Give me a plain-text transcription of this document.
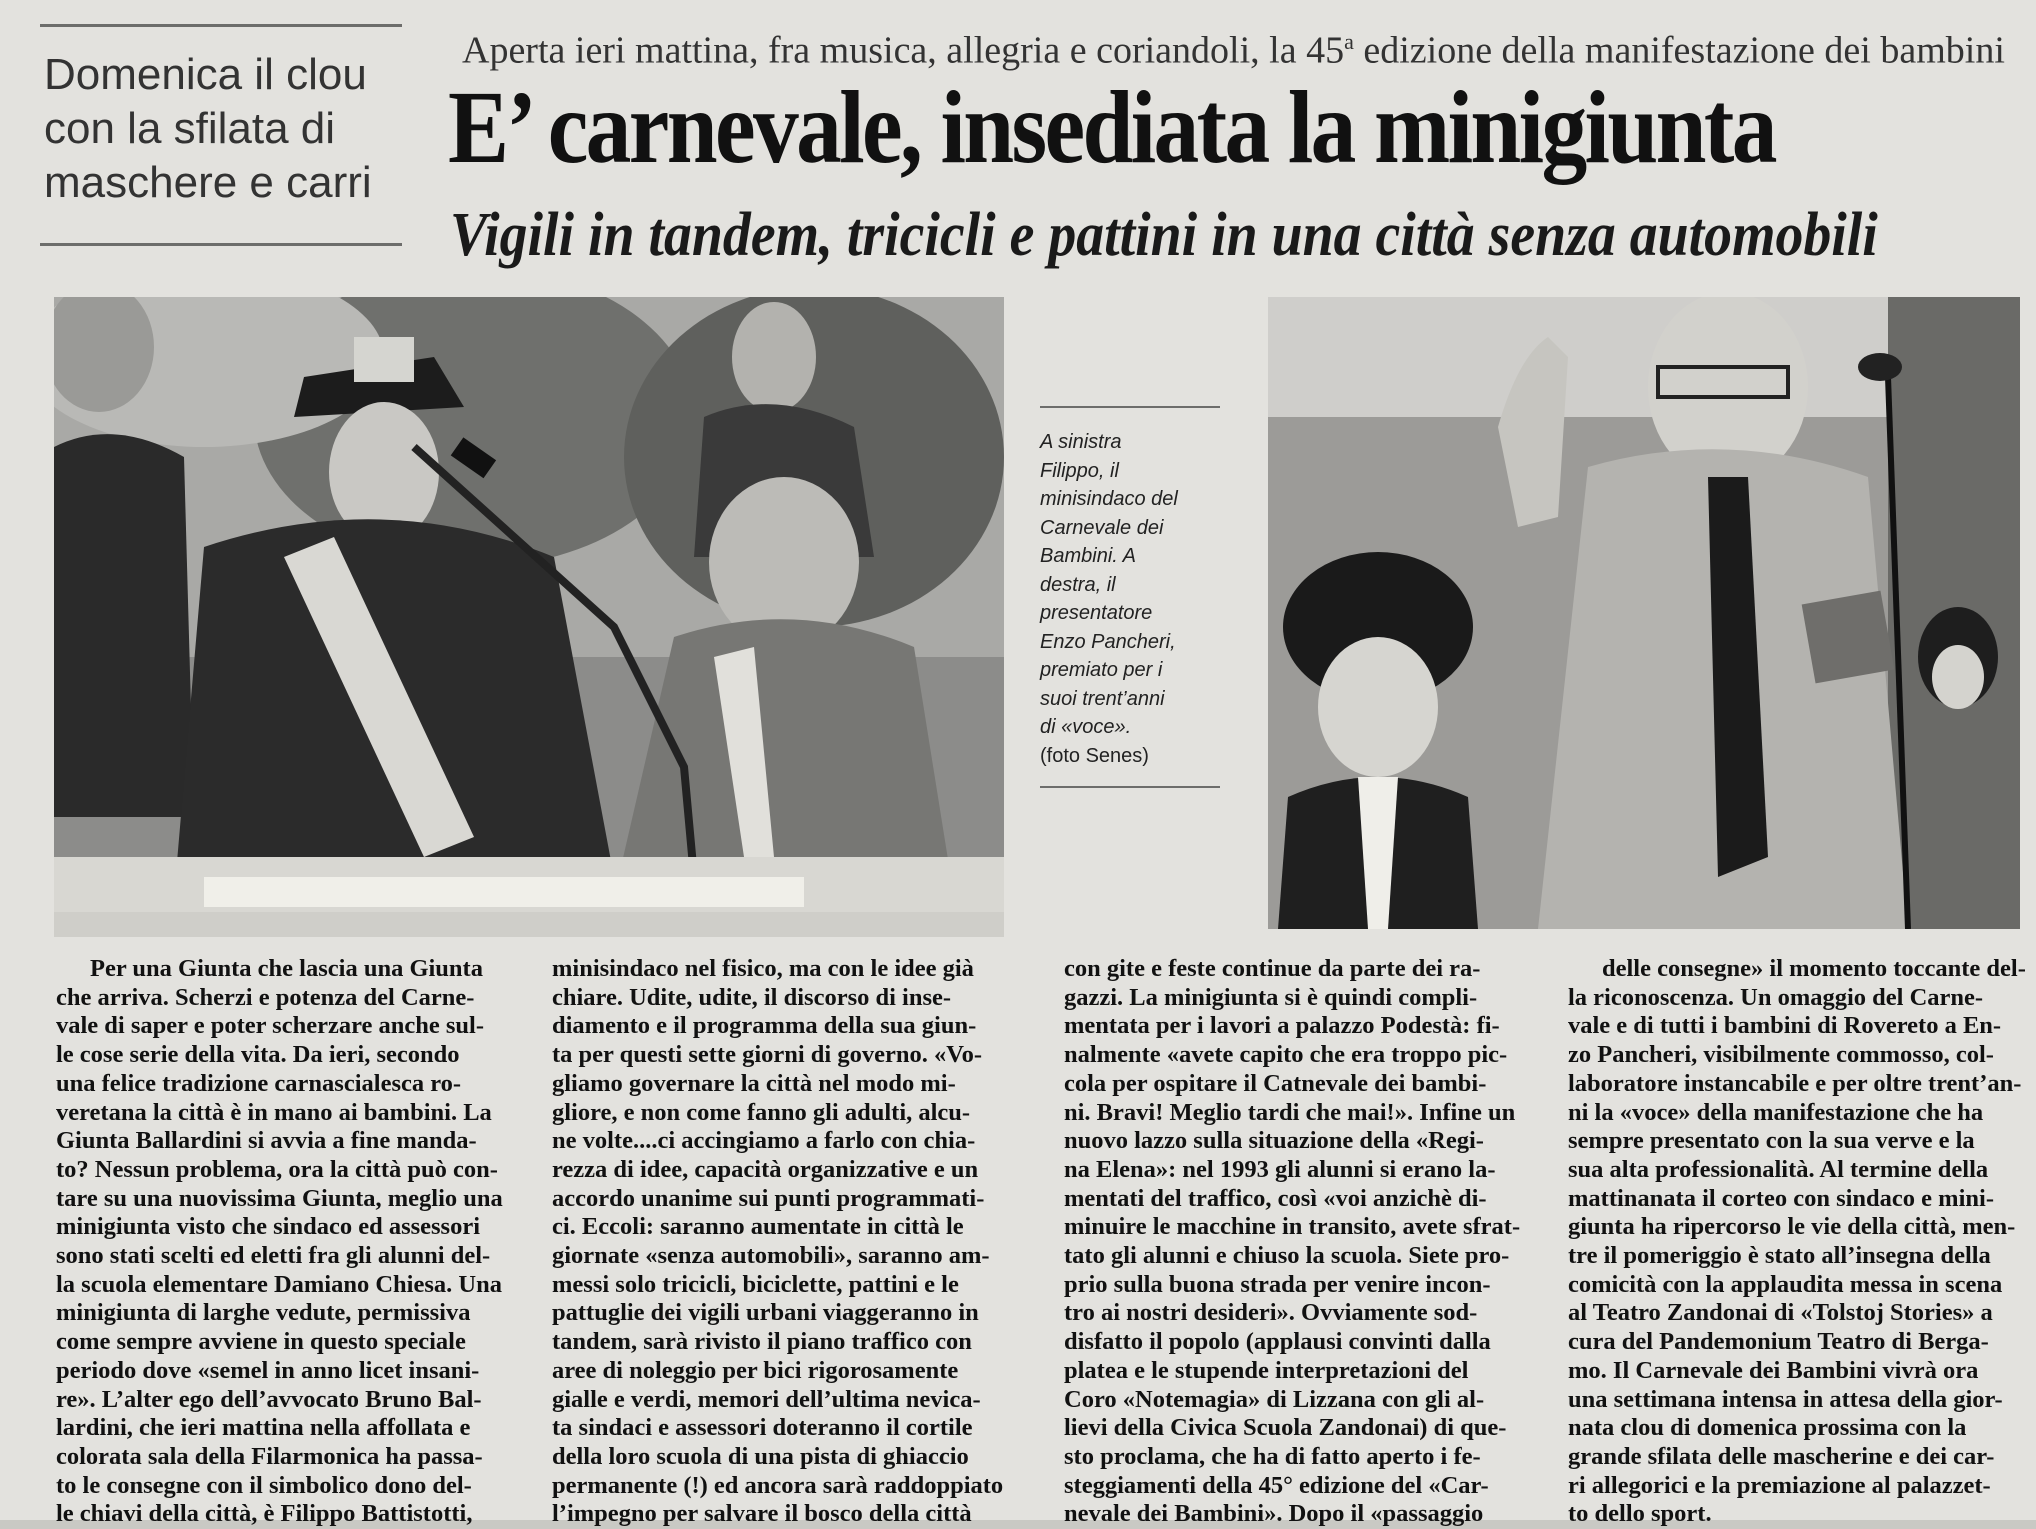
Domenica il clou
con la sfilata di
maschere e carri
Aperta ieri mattina, fra musica, allegria e coriandoli, la 45$^a$ edizione della manifestazione dei bambini
E’ carnevale, insediata la minigiunta
Vigili in tandem, tricicli e pattini in una città senza automobili
A sinistra
Filippo, il
minisindaco del
Carnevale dei
Bambini. A
destra, il
presentatore
Enzo Pancheri,
premiato per i
suoi trent’anni
di «voce».
(foto Senes)
Per una Giunta che lascia una Giunta
che arriva. Scherzi e potenza del Carne-
vale di saper e poter scherzare anche sul-
le cose serie della vita. Da ieri, secondo
una felice tradizione carnascialesca ro-
veretana la città è in mano ai bambini. La
Giunta Ballardini si avvia a fine manda-
to? Nessun problema, ora la città può con-
tare su una nuovissima Giunta, meglio una
minigiunta visto che sindaco ed assessori
sono stati scelti ed eletti fra gli alunni del-
la scuola elementare Damiano Chiesa. Una
minigiunta di larghe vedute, permissiva
come sempre avviene in questo speciale
periodo dove «semel in anno licet insani-
re». L’alter ego dell’avvocato Bruno Bal-
lardini, che ieri mattina nella affollata e
colorata sala della Filarmonica ha passa-
to le consegne con il simbolico dono del-
le chiavi della città, è Filippo Battistotti,
minisindaco nel fisico, ma con le idee già
chiare. Udite, udite, il discorso di inse-
diamento e il programma della sua giun-
ta per questi sette giorni di governo. «Vo-
gliamo governare la città nel modo mi-
gliore, e non come fanno gli adulti, alcu-
ne volte....ci accingiamo a farlo con chia-
rezza di idee, capacità organizzative e un
accordo unanime sui punti programmati-
ci. Eccoli: saranno aumentate in città le
giornate «senza automobili», saranno am-
messi solo tricicli, biciclette, pattini e le
pattuglie dei vigili urbani viaggeranno in
tandem, sarà rivisto il piano traffico con
aree di noleggio per bici rigorosamente
gialle e verdi, memori dell’ultima nevica-
ta sindaci e assessori doteranno il cortile
della loro scuola di una pista di ghiaccio
permanente (!) ed ancora sarà raddoppiato
l’impegno per salvare il bosco della città
con gite e feste continue da parte dei ra-
gazzi. La minigiunta si è quindi compli-
mentata per i lavori a palazzo Podestà: fi-
nalmente «avete capito che era troppo pic-
cola per ospitare il Catnevale dei bambi-
ni. Bravi! Meglio tardi che mai!». Infine un
nuovo lazzo sulla situazione della «Regi-
na Elena»: nel 1993 gli alunni si erano la-
mentati del traffico, così «voi anzichè di-
minuire le macchine in transito, avete sfrat-
tato gli alunni e chiuso la scuola. Siete pro-
prio sulla buona strada per venire incon-
tro ai nostri desideri». Ovviamente sod-
disfatto il popolo (applausi convinti dalla
platea e le stupende interpretazioni del
Coro «Notemagia» di Lizzana con gli al-
lievi della Civica Scuola Zandonai) di que-
sto proclama, che ha di fatto aperto i fe-
steggiamenti della 45° edizione del «Car-
nevale dei Bambini». Dopo il «passaggio
delle consegne» il momento toccante del-
la riconoscenza. Un omaggio del Carne-
vale e di tutti i bambini di Rovereto a En-
zo Pancheri, visibilmente commosso, col-
laboratore instancabile e per oltre trent’an-
ni la «voce» della manifestazione che ha
sempre presentato con la sua verve e la
sua alta professionalità. Al termine della
mattinanata il corteo con sindaco e mini-
giunta ha ripercorso le vie della città, men-
tre il pomeriggio è stato all’insegna della
comicità con la applaudita messa in scena
al Teatro Zandonai di «Tolstoj Stories» a
cura del Pandemonium Teatro di Berga-
mo. Il Carnevale dei Bambini vivrà ora
una settimana intensa in attesa della gior-
nata clou di domenica prossima con la
grande sfilata delle mascherine e dei car-
ri allegorici e la premiazione al palazzet-
to dello sport.
